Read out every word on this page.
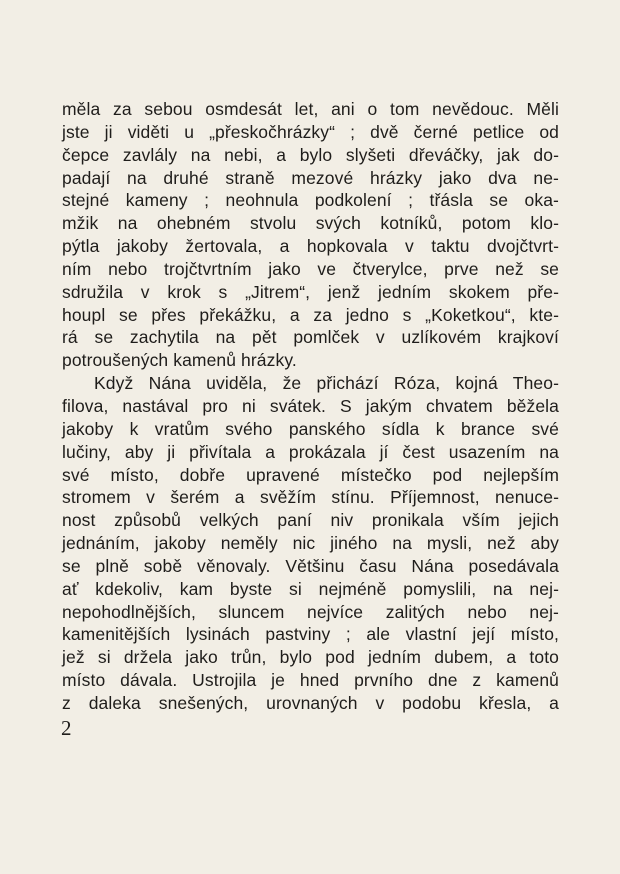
měla za sebou osmdesát let, ani o tom nevědouc. Měli
jste ji viděti u „přeskočhrázky“ ; dvě černé petlice od
čepce zavlály na nebi, a bylo slyšeti dřeváčky, jak do-
padají na druhé straně mezové hrázky jako dva ne-
stejné kameny ; neohnula podkolení ; třásla se oka-
mžik na ohebném stvolu svých kotníků, potom klo-
pýtla jakoby žertovala, a hopkovala v taktu dvojčtvrt-
ním nebo trojčtvrtním jako ve čtverylce, prve než se
sdružila v krok s „Jitrem“, jenž jedním skokem pře-
houpl se přes překážku, a za jedno s „Koketkou“, kte-
rá se zachytila na pět pomlček v uzlíkovém krajkoví
potroušených kamenů hrázky.
Když Nána uviděla, že přichází Róza, kojná Theo-
filova, nastával pro ni svátek. S jakým chvatem běžela
jakoby k vratům svého panského sídla k brance své
lučiny, aby ji přivítala a prokázala jí čest usazením na
své místo, dobře upravené místečko pod nejlepším
stromem v šerém a svěžím stínu. Příjemnost, nenuce-
nost způsobů velkých paní niv pronikala vším jejich
jednáním, jakoby neměly nic jiného na mysli, než aby
se plně sobě věnovaly. Většinu času Nána posedávala
ať kdekoliv, kam byste si nejméně pomyslili, na nej-
nepohodlnějších, sluncem nejvíce zalitých nebo nej-
kamenitějších lysinách pastviny ; ale vlastní její místo,
jež si držela jako trůn, bylo pod jedním dubem, a toto
místo dávala. Ustrojila je hned prvního dne z kamenů
z daleka snešených, urovnaných v podobu křesla, a
2
